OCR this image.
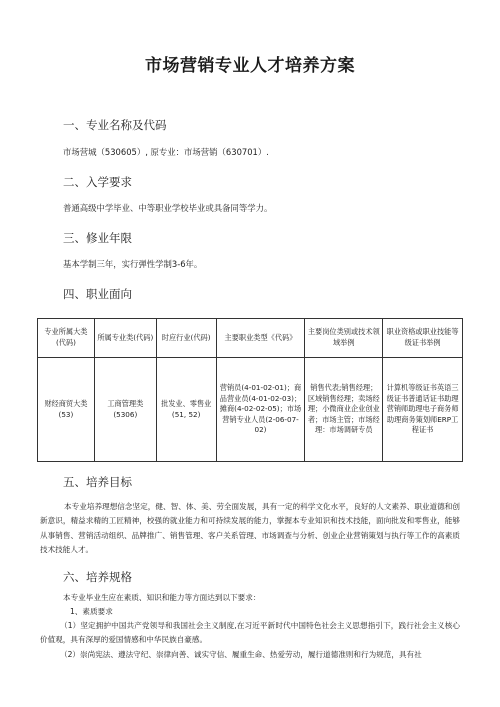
市场营销专业人才培养方案
一、专业名称及代码
市场营城（530605）, 原专业：市场营销（630701）.
二、入学要求
普通高级中学毕业、中等职业学校毕业或具备同等学力。
三、修业年限
基本学制三年，实行弹性学制3-6年。
四、职业面向
专业所属大类(代码)	所属专业类(代码)	时应行业(代码)	主要职业类型《代码》	主要岗位类别或技术领域举例	职业资格或职业技能等级证书举例
财经商贸大类(53)	工商管理类(5306)	批发业、零售业(51, 52)	营销员(4-01-02-01)；商品营业员(4-01-02-03)；摊商(4-02-02-05)；市场营销专业人员(2-06-07-02)	销售代表;销售经理；区域销售经理；卖场经理；小微商业企业创业者；市场主管；市场经理：市场调研专员	计算机等级证书英语三级证书普通话证书助理营销师助理电子商务师助理商务策划师ERP工程证书
五、培养目标
本专业培养理想信念坚定，健、智、体、美、劳全面发展，具有一定的科学文化水平，良好的人文素养、职业道德和创新意识，精益求精的工匠精神，校强的就业能力和可持续发展的能力，掌握本专业知识和技术技能，面向批发和零售业，能够从事销售、营销活动组织、品牌推广、销售管理、客户关系管理、市场调查与分析、创业企业营销策划与执行等工作的高素质技术技能人才。
六、培养规格
本专业毕业生应在素质、知识和能力等方面达到以下要求：
1、素质要求
（1）坚定拥护中国共产党领导和我国社会主义制度,在习近平新时代中国特色社会主义思想指引下，践行社会主义核心价值观，具有深厚的爱国情感和中华民族自豪感。
（2）崇尚宪法、遵法守纪、崇律向善、诚实守信、履重生命、热爱劳动，履行道德准则和行为规范，具有社
